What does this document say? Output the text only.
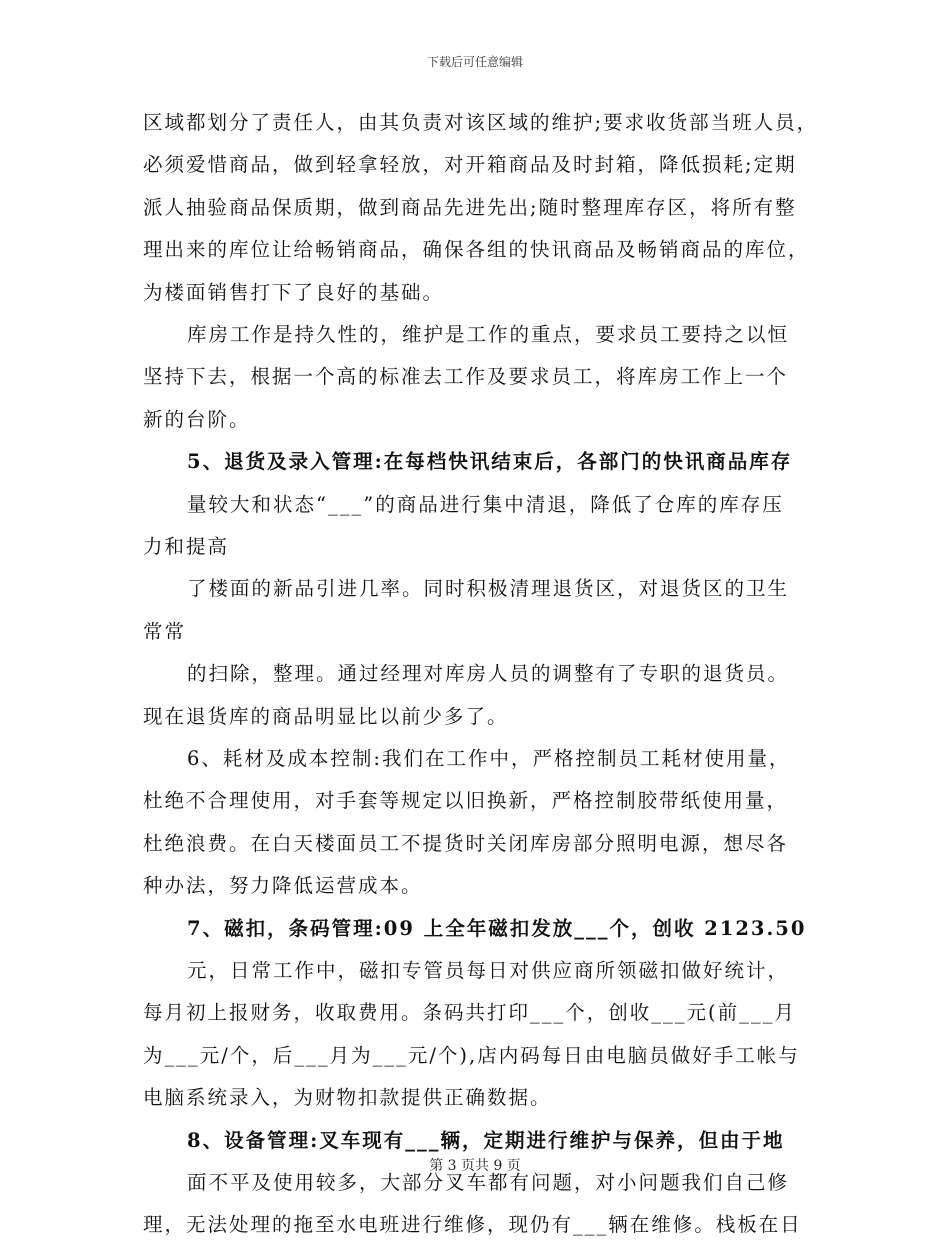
下载后可任意编辑
区域都划分了责任人，由其负责对该区域的维护;要求收货部当班人员，
必须爱惜商品，做到轻拿轻放，对开箱商品及时封箱，降低损耗;定期
派人抽验商品保质期，做到商品先进先出;随时整理库存区，将所有整
理出来的库位让给畅销商品，确保各组的快讯商品及畅销商品的库位，
为楼面销售打下了良好的基础。
库房工作是持久性的，维护是工作的重点，要求员工要持之以恒
坚持下去，根据一个高的标准去工作及要求员工，将库房工作上一个
新的台阶。
5、退货及录入管理:在每档快讯结束后，各部门的快讯商品库存
量较大和状态“___”的商品进行集中清退，降低了仓库的库存压
力和提高
了楼面的新品引进几率。同时积极清理退货区，对退货区的卫生
常常
的扫除，整理。通过经理对库房人员的调整有了专职的退货员。
现在退货库的商品明显比以前少多了。
6、耗材及成本控制:我们在工作中，严格控制员工耗材使用量，
杜绝不合理使用，对手套等规定以旧换新，严格控制胶带纸使用量，
杜绝浪费。在白天楼面员工不提货时关闭库房部分照明电源，想尽各
种办法，努力降低运营成本。
7、磁扣，条码管理:09 上全年磁扣发放___个，创收 2123.50
元，日常工作中，磁扣专管员每日对供应商所领磁扣做好统计，
每月初上报财务，收取费用。条码共打印___个，创收___元(前___月
为___元/个，后___月为___元/个),店内码每日由电脑员做好手工帐与
电脑系统录入，为财物扣款提供正确数据。
8、设备管理:叉车现有___辆，定期进行维护与保养，但由于地
面不平及使用较多，大部分叉车都有问题，对小问题我们自己修
理，无法处理的拖至水电班进行维修，现仍有___辆在维修。栈板在日
第 3 页共 9 页
